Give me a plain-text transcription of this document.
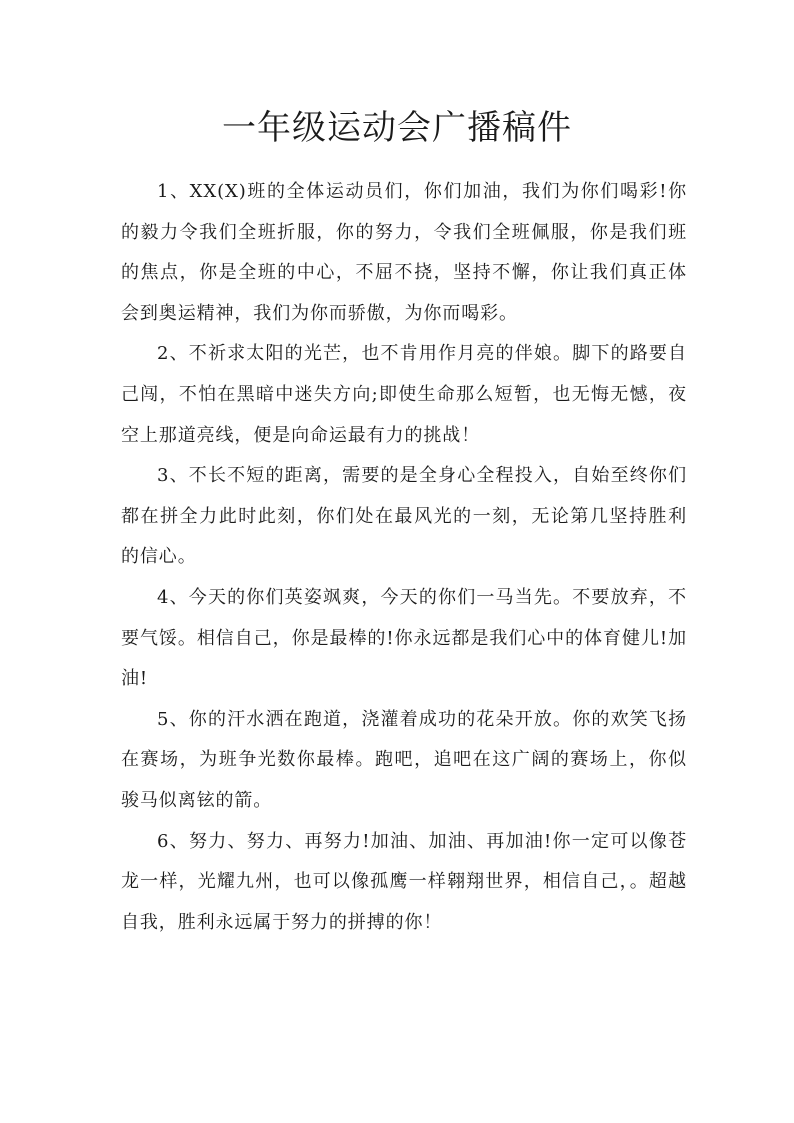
一年级运动会广播稿件

1、XX(X)班的全体运动员们，你们加油，我们为你们喝彩!你的毅力令我们全班折服，你的努力，令我们全班佩服，你是我们班的焦点，你是全班的中心，不屈不挠，坚持不懈，你让我们真正体会到奥运精神，我们为你而骄傲，为你而喝彩。

2、不祈求太阳的光芒，也不肯用作月亮的伴娘。脚下的路要自己闯，不怕在黑暗中迷失方向;即使生命那么短暂，也无悔无憾，夜空上那道亮线，便是向命运最有力的挑战！

3、不长不短的距离，需要的是全身心全程投入，自始至终你们都在拼全力此时此刻，你们处在最风光的一刻，无论第几坚持胜利的信心。

4、今天的你们英姿飒爽，今天的你们一马当先。不要放弃，不要气馁。相信自己，你是最棒的!你永远都是我们心中的体育健儿!加油!

5、你的汗水洒在跑道，浇灌着成功的花朵开放。你的欢笑飞扬在赛场，为班争光数你最棒。跑吧，追吧在这广阔的赛场上，你似骏马似离铉的箭。

6、努力、努力、再努力!加油、加油、再加油!你一定可以像苍龙一样，光耀九州，也可以像孤鹰一样翱翔世界，相信自己，。超越自我，胜利永远属于努力的拼搏的你！
